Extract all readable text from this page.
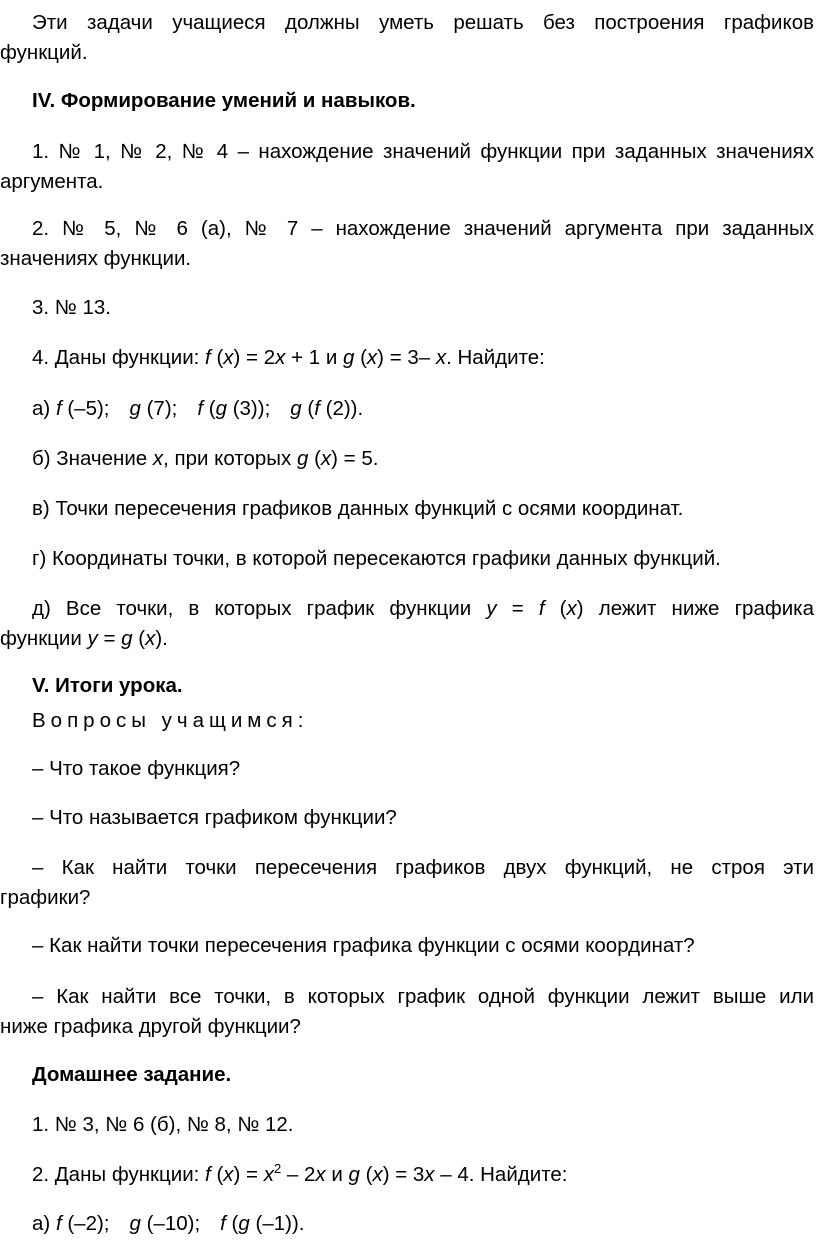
Эти задачи учащиеся должны уметь решать без построения графиков
функций.
IV. Формирование умений и навыков.
1. № 1, № 2, № 4 – нахождение значений функции при заданных значениях
аргумента.
2. № 5, № 6 (а), № 7 – нахождение значений аргумента при заданных
значениях функции.
3. № 13.
4. Даны функции: f (x) = 2x + 1 и g (x) = 3– x. Найдите:
а) f (–5); g (7); f (g (3)); g (f (2)).
б) Значение x, при которых g (x) = 5.
в) Точки пересечения графиков данных функций с осями координат.
г) Координаты точки, в которой пересекаются графики данных функций.
д) Все точки, в которых график функции y = f (x) лежит ниже графика
функции y = g (x).
V. Итоги урока.
Вопросы учащимся:
– Что такое функция?
– Что называется графиком функции?
– Как найти точки пересечения графиков двух функций, не строя эти
графики?
– Как найти точки пересечения графика функции с осями координат?
– Как найти все точки, в которых график одной функции лежит выше или
ниже графика другой функции?
Домашнее задание.
1. № 3, № 6 (б), № 8, № 12.
2. Даны функции: f $(x) = x^2 - 2x$ и g (x) = 3x – 4. Найдите:
а) f (–2); g (–10); f (g (–1)).
